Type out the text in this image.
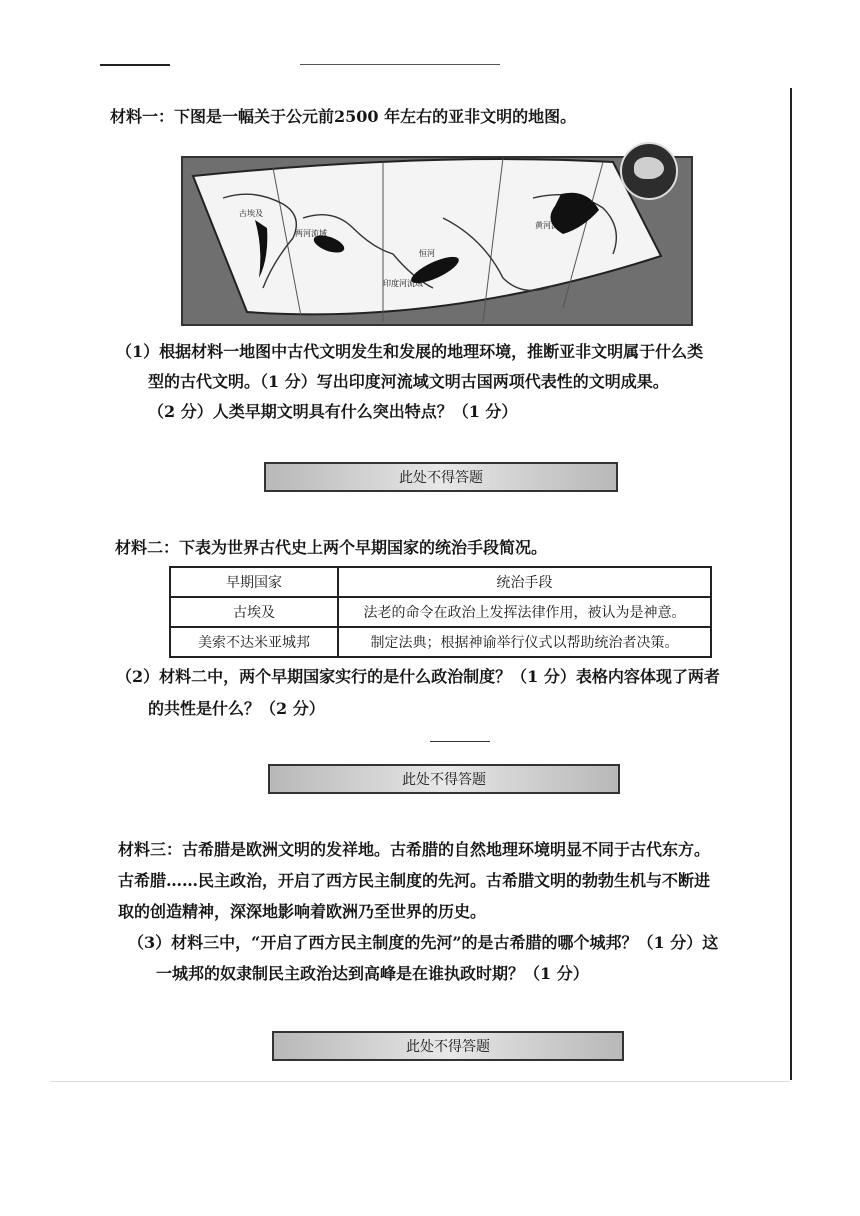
材料一：下图是一幅关于公元前2500 年左右的亚非文明的地图。
古埃及
两河流域
印度河流域
恒河
黄河流域
（1）根据材料一地图中古代文明发生和发展的地理环境，推断亚非文明属于什么类
型的古代文明。（1 分）写出印度河流域文明古国两项代表性的文明成果。
（2 分）人类早期文明具有什么突出特点？（1 分）
此处不得答题
材料二：下表为世界古代史上两个早期国家的统治手段简况。
早期国家	统治手段
古埃及	法老的命令在政治上发挥法律作用，被认为是神意。
美索不达米亚城邦	制定法典；根据神谕举行仪式以帮助统治者决策。
（2）材料二中，两个早期国家实行的是什么政治制度？（1 分）表格内容体现了两者
的共性是什么？（2 分）
此处不得答题
材料三：古希腊是欧洲文明的发祥地。古希腊的自然地理环境明显不同于古代东方。
古希腊……民主政治，开启了西方民主制度的先河。古希腊文明的勃勃生机与不断进
取的创造精神，深深地影响着欧洲乃至世界的历史。
（3）材料三中，“开启了西方民主制度的先河”的是古希腊的哪个城邦？（1 分）这
一城邦的奴隶制民主政治达到高峰是在谁执政时期？（1 分）
此处不得答题
